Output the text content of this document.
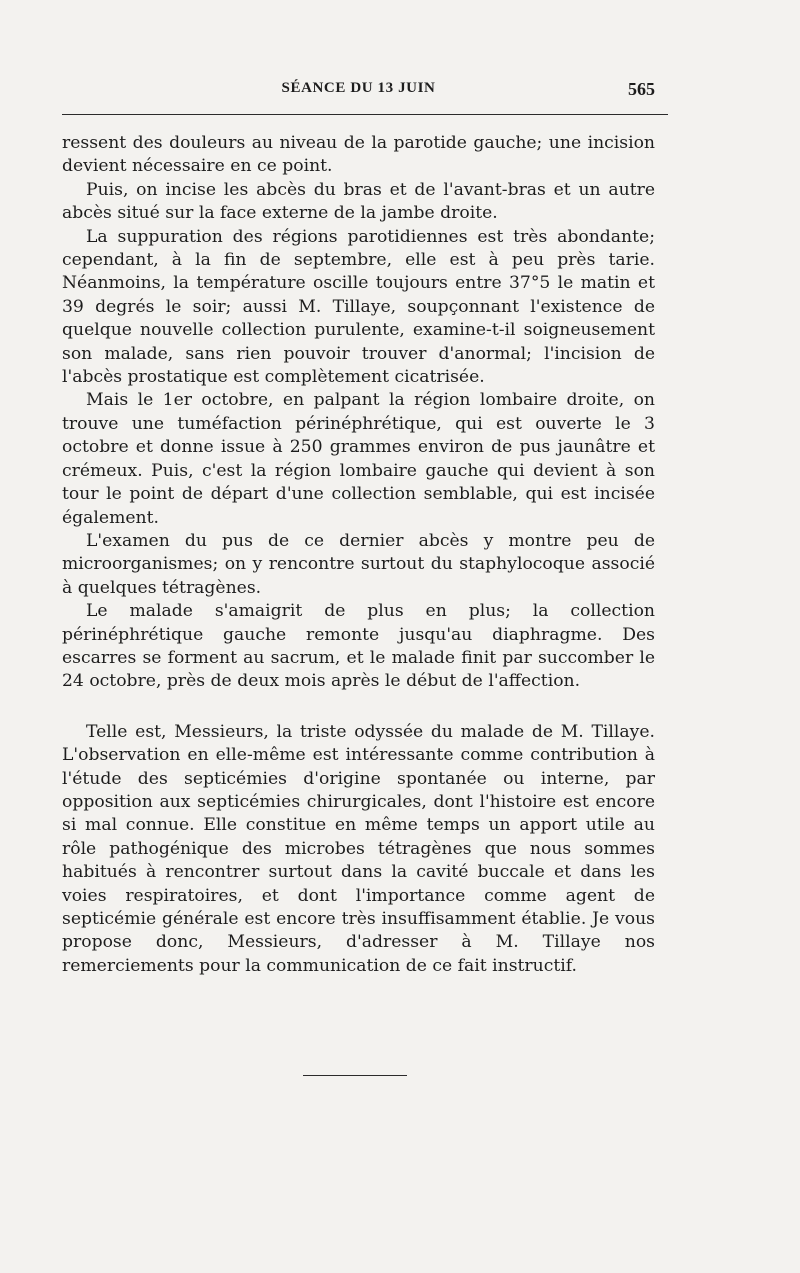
SÉANCE DU 13 JUIN	565

ressent des douleurs au niveau de la parotide gauche; une incision devient nécessaire en ce point.

Puis, on incise les abcès du bras et de l'avant-bras et un autre abcès situé sur la face externe de la jambe droite.

La suppuration des régions parotidiennes est très abondante; cependant, à la fin de septembre, elle est à peu près tarie. Néanmoins, la température oscille toujours entre 37°5 le matin et 39 degrés le soir; aussi M. Tillaye, soupçonnant l'existence de quelque nouvelle collection purulente, examine-t-il soigneusement son malade, sans rien pouvoir trouver d'anormal; l'incision de l'abcès prostatique est complètement cicatrisée.

Mais le 1er octobre, en palpant la région lombaire droite, on trouve une tuméfaction périnéphrétique, qui est ouverte le 3 octobre et donne issue à 250 grammes environ de pus jaunâtre et crémeux. Puis, c'est la région lombaire gauche qui devient à son tour le point de départ d'une collection semblable, qui est incisée également.

L'examen du pus de ce dernier abcès y montre peu de microorganismes; on y rencontre surtout du staphylocoque associé à quelques tétragènes.

Le malade s'amaigrit de plus en plus; la collection périnéphrétique gauche remonte jusqu'au diaphragme. Des escarres se forment au sacrum, et le malade finit par succomber le 24 octobre, près de deux mois après le début de l'affection.

Telle est, Messieurs, la triste odyssée du malade de M. Tillaye. L'observation en elle-même est intéressante comme contribution à l'étude des septicémies d'origine spontanée ou interne, par opposition aux septicémies chirurgicales, dont l'histoire est encore si mal connue. Elle constitue en même temps un apport utile au rôle pathogénique des microbes tétragènes que nous sommes habitués à rencontrer surtout dans la cavité buccale et dans les voies respiratoires, et dont l'importance comme agent de septicémie générale est encore très insuffisamment établie. Je vous propose donc, Messieurs, d'adresser à M. Tillaye nos remerciements pour la communication de ce fait instructif.
